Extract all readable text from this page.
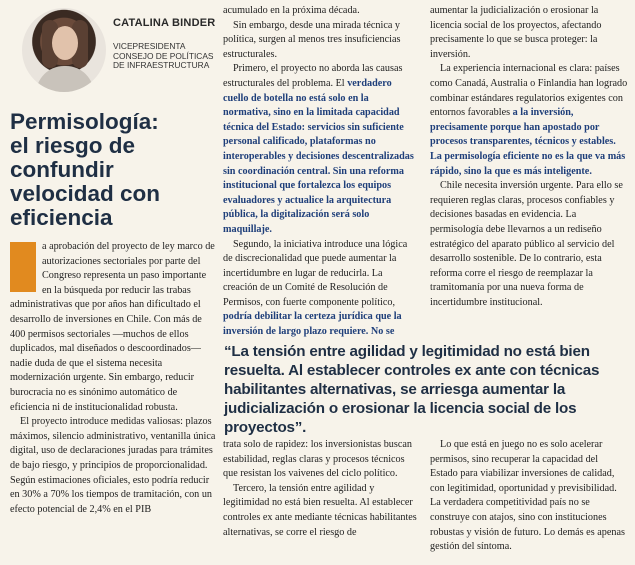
CATALINA BINDER
VICEPRESIDENTA
CONSEJO DE POLÍTICAS
DE INFRAESTRUCTURA
Permisología:
el riesgo de
confundir
velocidad con
eficiencia

a aprobación del proyecto de ley marco de autorizaciones sectoriales por parte del Congreso representa un paso importante en la búsqueda por reducir las trabas administrativas que por años han dificultado el desarrollo de inversiones en Chile. Con más de 400 permisos sectoriales —muchos de ellos duplicados, mal diseñados o descoordinados— nadie duda de que el sistema necesita modernización urgente. Sin embargo, reducir burocracia no es sinónimo automático de eficiencia ni de institucionalidad robusta.

El proyecto introduce medidas valiosas: plazos máximos, silencio administrativo, ventanilla única digital, uso de declaraciones juradas para trámites de bajo riesgo, y principios de proporcionalidad. Según estimaciones oficiales, esto podría reducir en 30% a 70% los tiempos de tramitación, con un efecto potencial de 2,4% en el PIB

acumulado en la próxima década.

Sin embargo, desde una mirada técnica y política, surgen al menos tres insuficiencias estructurales.

Primero, el proyecto no aborda las causas estructurales del problema. El verdadero cuello de botella no está solo en la normativa, sino en la limitada capacidad técnica del Estado: servicios sin suficiente personal calificado, plataformas no interoperables y decisiones descentralizadas sin coordinación central. Sin una reforma institucional que fortalezca los equipos evaluadores y actualice la arquitectura pública, la digitalización será solo maquillaje.

Segundo, la iniciativa introduce una lógica de discrecionalidad que puede aumentar la incertidumbre en lugar de reducirla. La creación de un Comité de Resolución de Permisos, con fuerte componente político, podría debilitar la certeza jurídica que la inversión de largo plazo requiere. No se

aumentar la judicialización o erosionar la licencia social de los proyectos, afectando precisamente lo que se busca proteger: la inversión.

La experiencia internacional es clara: países como Canadá, Australia o Finlandia han logrado combinar estándares regulatorios exigentes con entornos favorables a la inversión, precisamente porque han apostado por procesos transparentes, técnicos y estables. La permisología eficiente no es la que va más rápido, sino la que es más inteligente.

Chile necesita inversión urgente. Para ello se requieren reglas claras, procesos confiables y decisiones basadas en evidencia. La permisología debe llevarnos a un rediseño estratégico del aparato público al servicio del desarrollo sostenible. De lo contrario, esta reforma corre el riesgo de reemplazar la tramitomanía por una nueva forma de incertidumbre institucional.

“La tensión entre agilidad y legitimidad no está bien resuelta. Al establecer controles ex ante con técnicas habilitantes alternativas, se arriesga aumentar la judicialización o erosionar la licencia social de los proyectos”.

trata solo de rapidez: los inversionistas buscan estabilidad, reglas claras y procesos técnicos que resistan los vaivenes del ciclo político.

Tercero, la tensión entre agilidad y legitimidad no está bien resuelta. Al establecer controles ex ante mediante técnicas habilitantes alternativas, se corre el riesgo de

Lo que está en juego no es solo acelerar permisos, sino recuperar la capacidad del Estado para viabilizar inversiones de calidad, con legitimidad, oportunidad y previsibilidad. La verdadera competitividad país no se construye con atajos, sino con instituciones robustas y visión de futuro. Lo demás es apenas gestión del síntoma.
